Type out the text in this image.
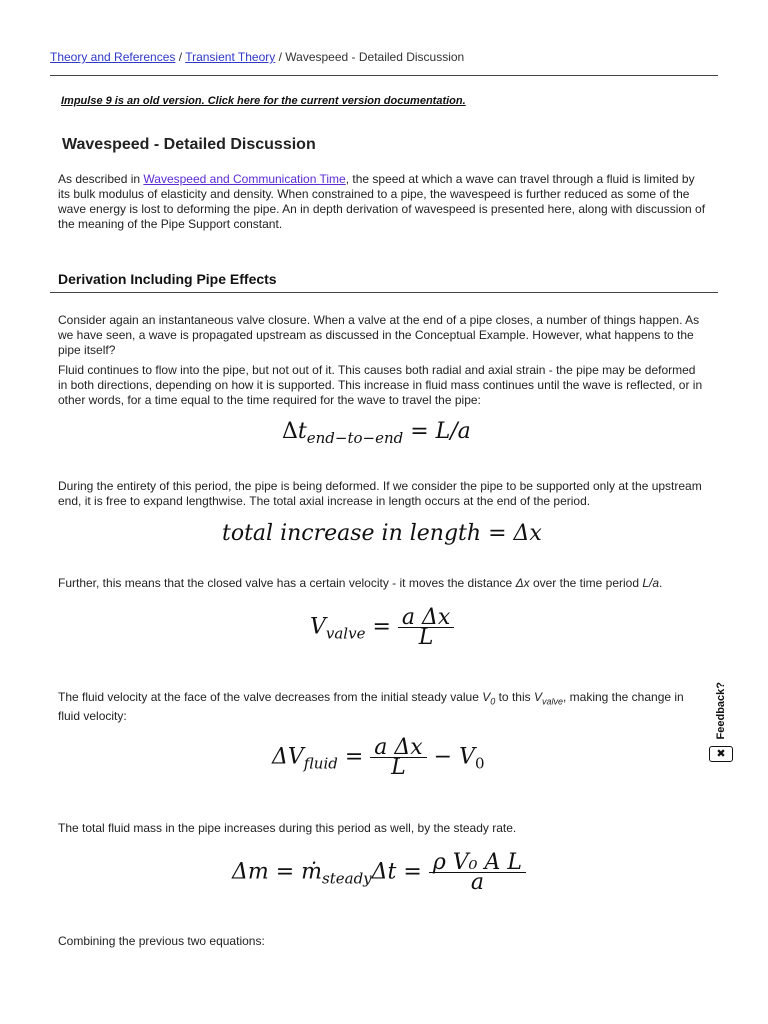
Theory and References / Transient Theory / Wavespeed - Detailed Discussion
Impulse 9 is an old version. Click here for the current version documentation.
Wavespeed - Detailed Discussion

As described in Wavespeed and Communication Time, the speed at which a wave can travel through a fluid is limited by its bulk modulus of elasticity and density. When constrained to a pipe, the wavespeed is further reduced as some of the wave energy is lost to deforming the pipe. An in depth derivation of wavespeed is presented here, along with discussion of the meaning of the Pipe Support constant.

Derivation Including Pipe Effects

Consider again an instantaneous valve closure. When a valve at the end of a pipe closes, a number of things happen. As we have seen, a wave is propagated upstream as discussed in the Conceptual Example. However, what happens to the pipe itself?

Fluid continues to flow into the pipe, but not out of it. This causes both radial and axial strain - the pipe may be deformed in both directions, depending on how it is supported. This increase in fluid mass continues until the wave is reflected, or in other words, for a time equal to the time required for the wave to travel the pipe:

$\Delta t_{end-to-end} = L/a$

During the entirety of this period, the pipe is being deformed. If we consider the pipe to be supported only at the upstream end, it is free to expand lengthwise. The total axial increase in length occurs at the end of the period.

total increase in length = Δx

Further, this means that the closed valve has a certain velocity - it moves the distance Δx over the time period L/a.

$V_{valve} = \frac{\text{a Δx}}{L}$

The fluid velocity at the face of the valve decreases from the initial steady value $V_0$ to this $V_{valve}$, making the change in fluid velocity:

$\Delta V_{fluid} = \frac{\text{a Δx}}{L} - V_0$

The total fluid mass in the pipe increases during this period as well, by the steady rate.

Δm = ṁ$_{steady}$Δt = $\frac{\text{ρ V₀ A L}}{a}$

Combining the previous two equations:

Feedback?
✖
